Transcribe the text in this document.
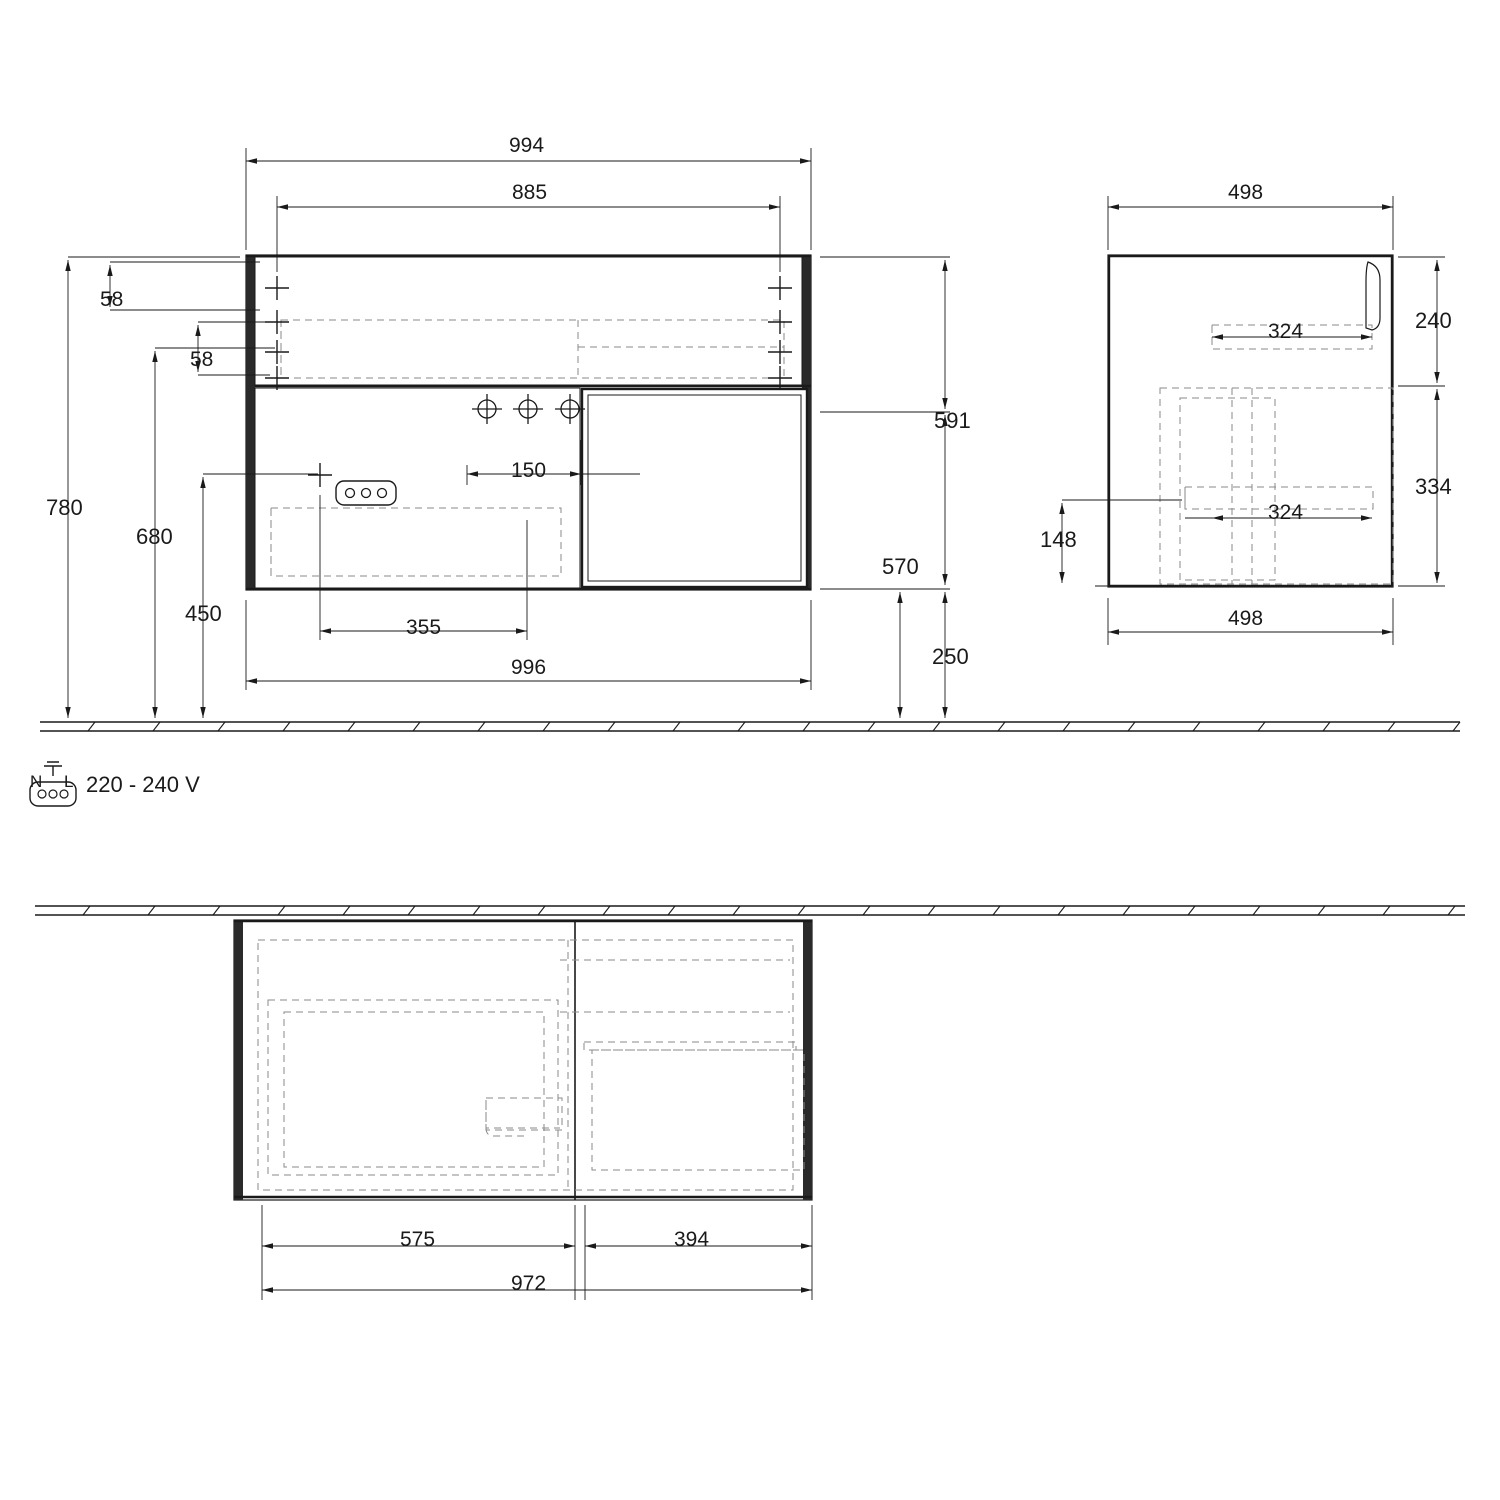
994
885
996
58
58
780
680
450
591
570
250
150
355
498
498
324
324
240
334
148
575	394
972
220 - 240 V
N L
